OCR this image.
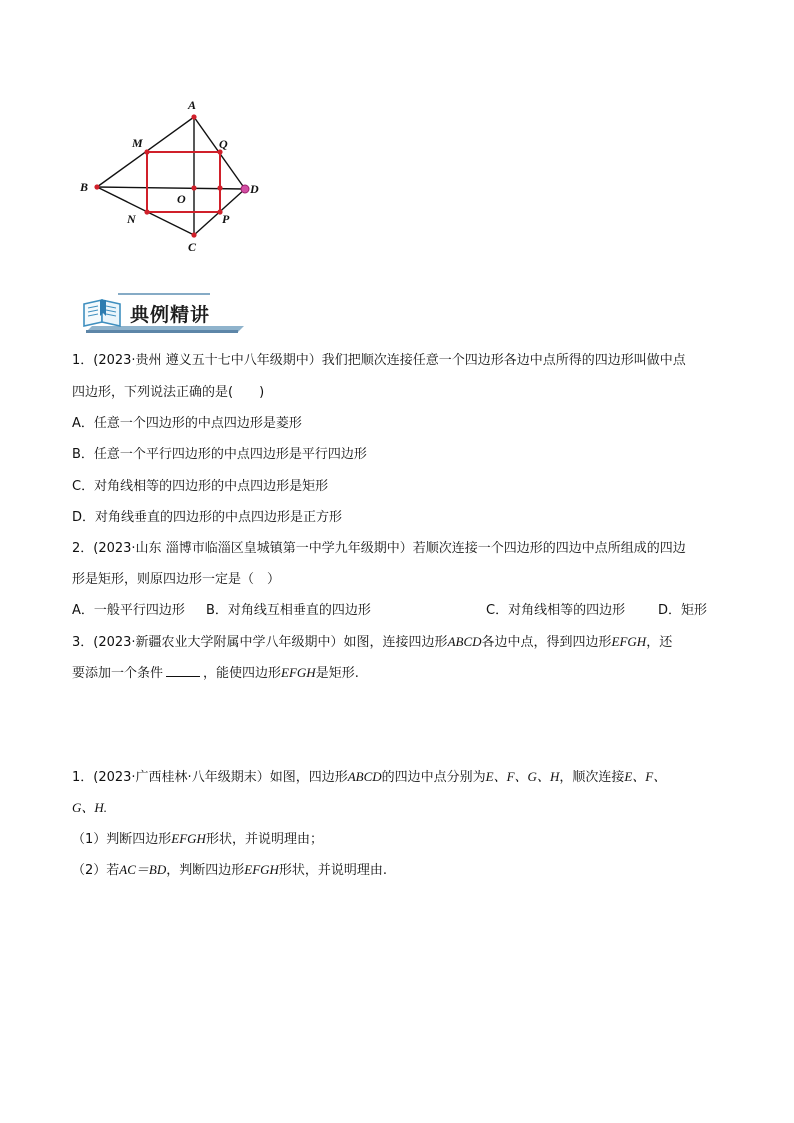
A
B
C
D
M
N	P
Q
O
典例精讲
1．(2023·贵州 遵义五十七中八年级期中）我们把顺次连接任意一个四边形各边中点所得的四边形叫做中点
四边形，下列说法正确的是(　　)
A．任意一个四边形的中点四边形是菱形
B．任意一个平行四边形的中点四边形是平行四边形
C．对角线相等的四边形的中点四边形是矩形
D．对角线垂直的四边形的中点四边形是正方形
2．(2023·山东 淄博市临淄区皇城镇第一中学九年级期中）若顺次连接一个四边形的四边中点所组成的四边
形是矩形，则原四边形一定是（　）
A．一般平行四边形 B．对角线互相垂直的四边形	C．对角线相等的四边形	D．矩形
3．(2023·新疆农业大学附属中学八年级期中）如图，连接四边形ABCD各边中点，得到四边形EFGH，还
要添加一个条件	，能使四边形EFGH是矩形.
1．(2023·广西桂林·八年级期末）如图，四边形ABCD的四边中点分别为E、F、G、H，顺次连接E、F、
G、H.
（1）判断四边形EFGH形状，并说明理由；
（2）若AC＝BD，判断四边形EFGH形状，并说明理由.
